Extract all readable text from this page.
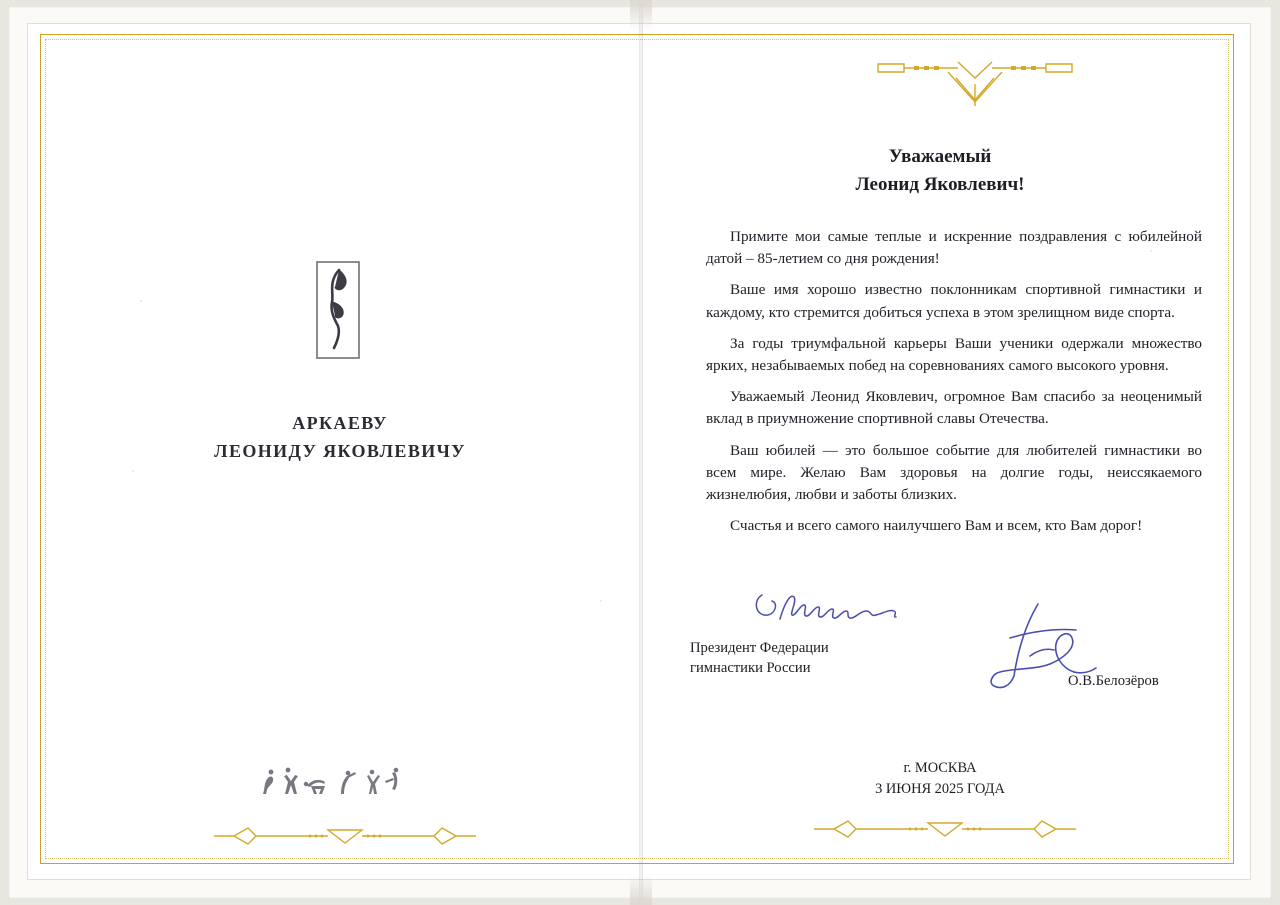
АРКАЕВУ
ЛЕОНИДУ ЯКОВЛЕВИЧУ
Уважаемый
Леонид Яковлевич!

Примите мои самые теплые и искренние поздравления с юбилейной датой – 85-летием со дня рождения!

Ваше имя хорошо известно поклонникам спортивной гимнастики и каждому, кто стремится добиться успеха в этом зрелищном виде спорта.

За годы триумфальной карьеры Ваши ученики одержали множество ярких, незабываемых побед на соревнованиях самого высокого уровня.

Уважаемый Леонид Яковлевич, огромное Вам спасибо за неоценимый вклад в приумножение спортивной славы Отечества.

Ваш юбилей — это большое событие для любителей гимнастики во всем мире. Желаю Вам здоровья на долгие годы, неиссякаемого жизнелюбия, любви и заботы близких.

Счастья и всего самого наилучшего Вам и всем, кто Вам дорог!

Президент Федерации
гимнастики России
О.В.Белозёров
г. МОСКВА
3 ИЮНЯ 2025 ГОДА
